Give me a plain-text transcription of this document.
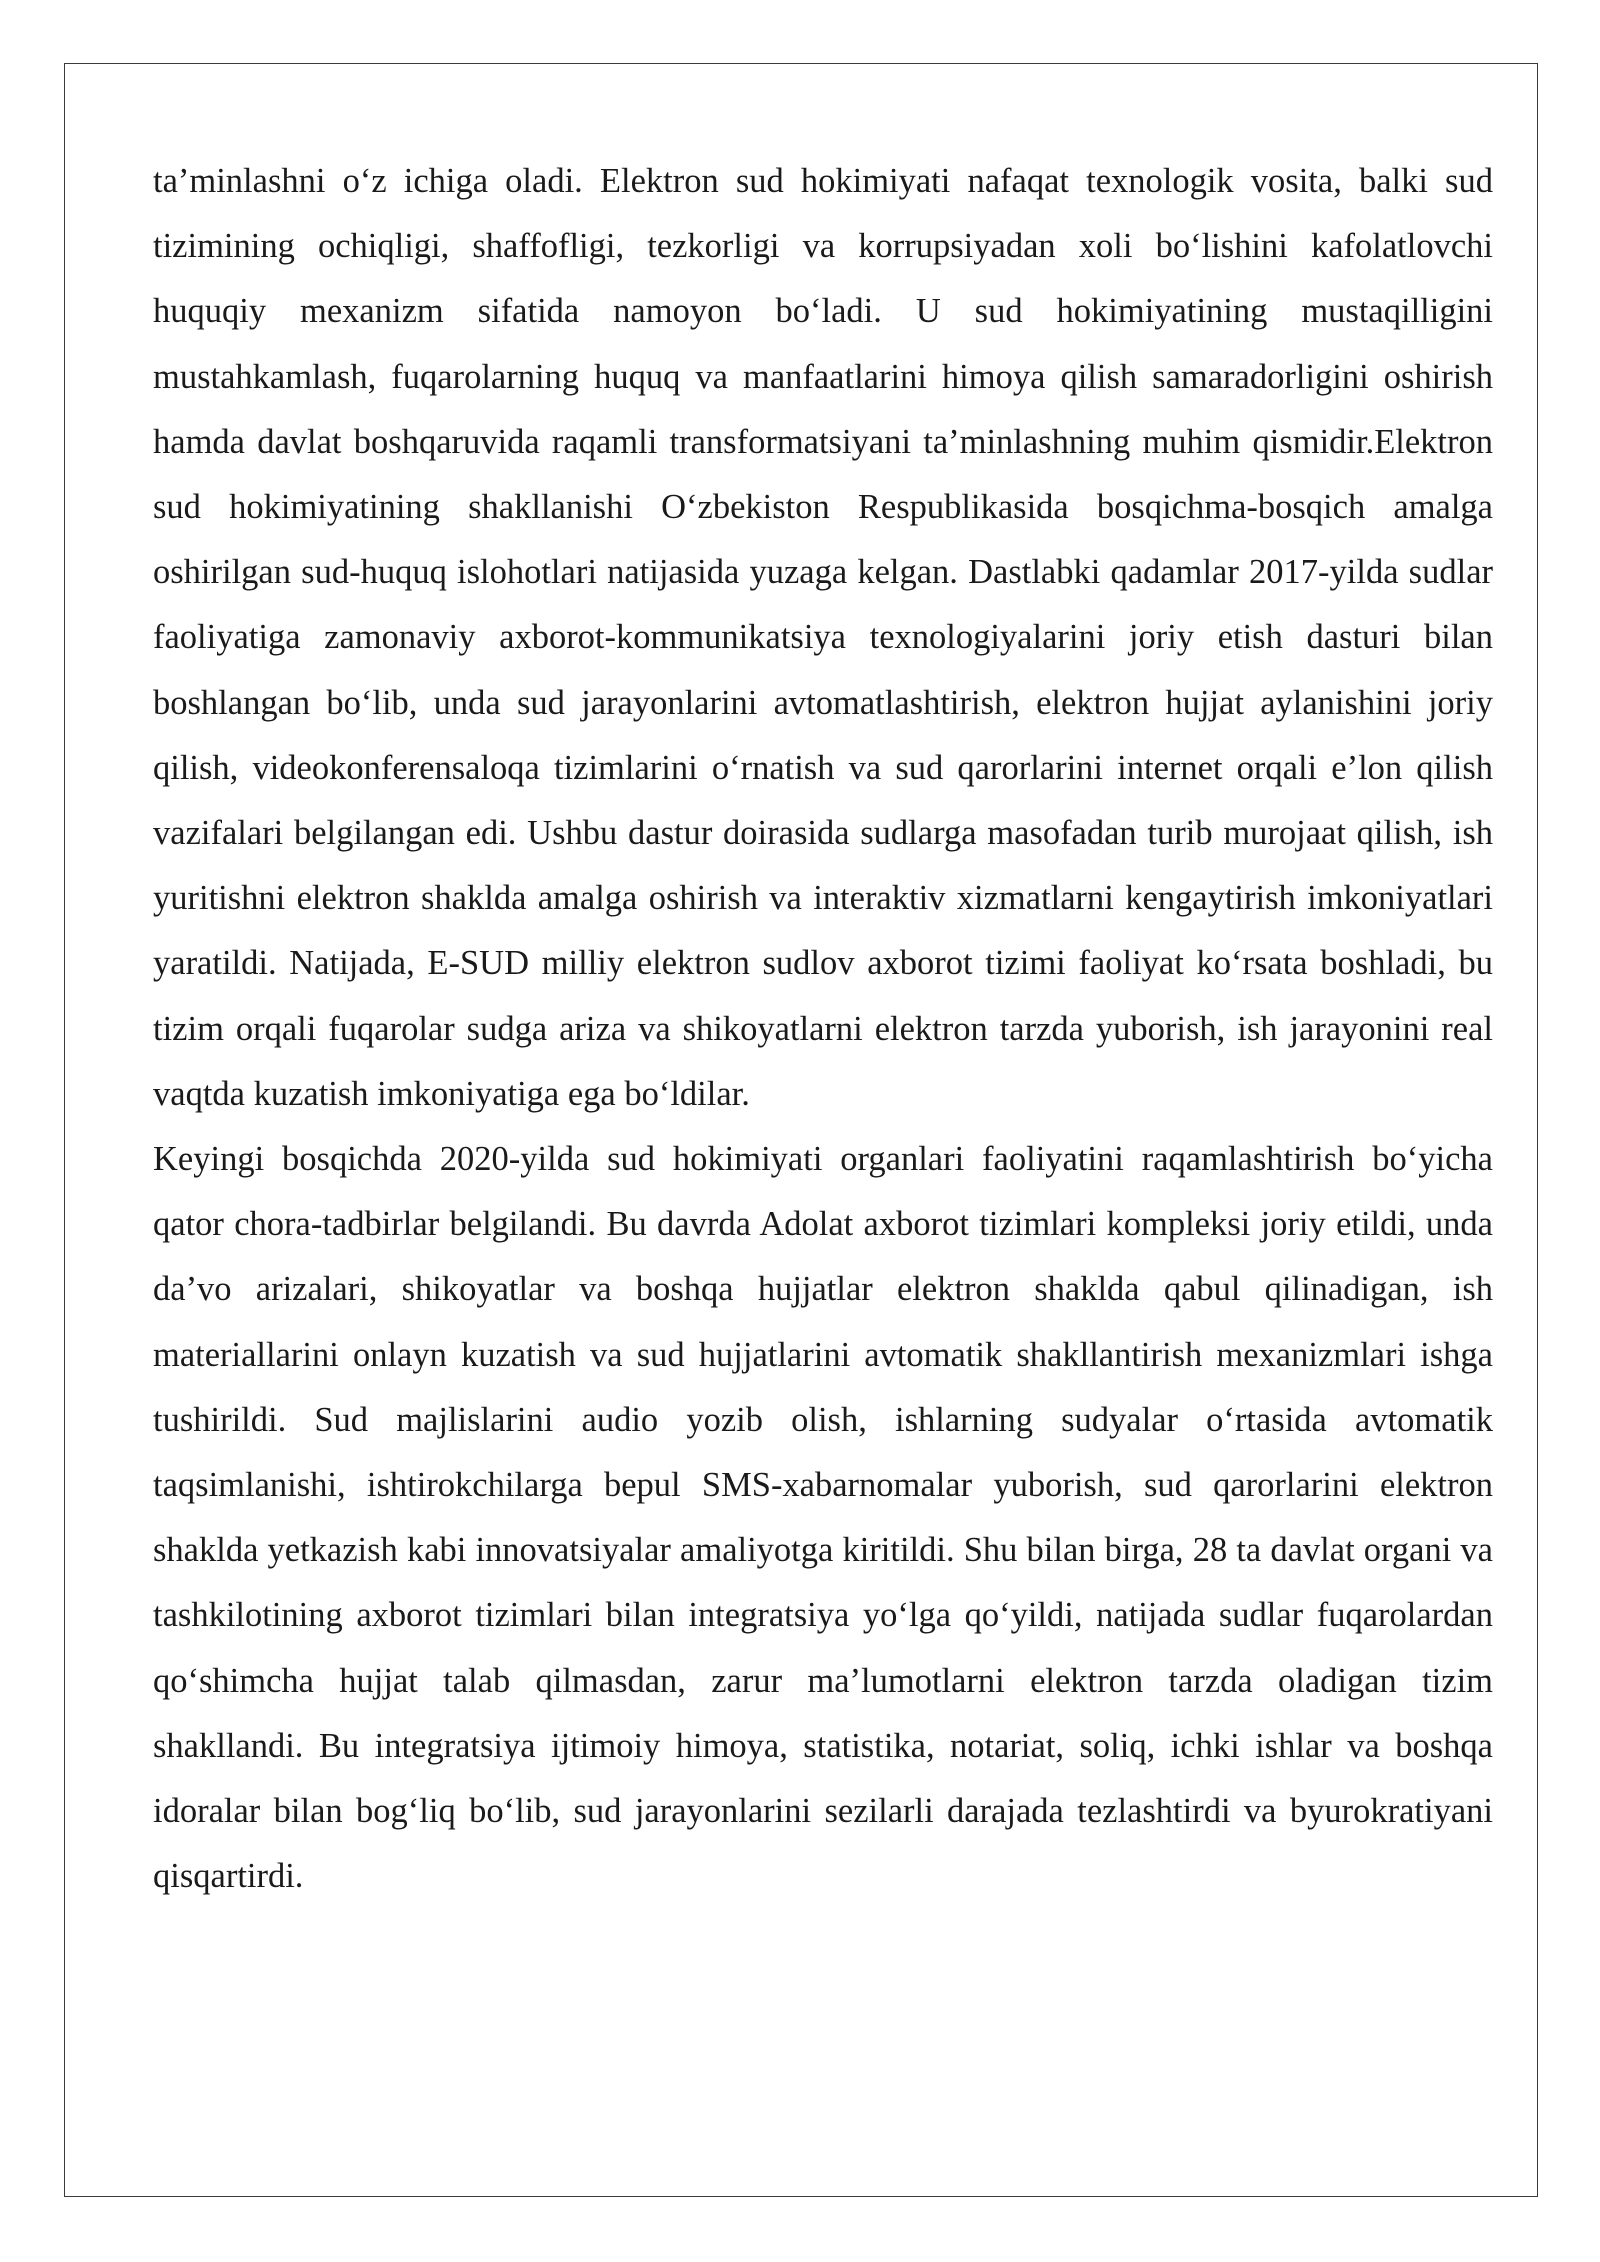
ta’minlashni o‘z ichiga oladi. Elektron sud hokimiyati nafaqat texnologik vosita, balki sud tizimining ochiqligi, shaffofligi, tezkorligi va korrupsiyadan xoli bo‘lishini kafolatlovchi huquqiy mexanizm sifatida namoyon bo‘ladi. U sud hokimiyatining mustaqilligini mustahkamlash, fuqarolarning huquq va manfaatlarini himoya qilish samaradorligini oshirish hamda davlat boshqaruvida raqamli transformatsiyani ta’minlashning muhim qismidir.Elektron sud hokimiyatining shakllanishi O‘zbekiston Respublikasida bosqichma-bosqich amalga oshirilgan sud-huquq islohotlari natijasida yuzaga kelgan. Dastlabki qadamlar 2017-yilda sudlar faoliyatiga zamonaviy axborot-kommunikatsiya texnologiyalarini joriy etish dasturi bilan boshlangan bo‘lib, unda sud jarayonlarini avtomatlashtirish, elektron hujjat aylanishini joriy qilish, videokonferensaloqa tizimlarini o‘rnatish va sud qarorlarini internet orqali e’lon qilish vazifalari belgilangan edi. Ushbu dastur doirasida sudlarga masofadan turib murojaat qilish, ish yuritishni elektron shaklda amalga oshirish va interaktiv xizmatlarni kengaytirish imkoniyatlari yaratildi. Natijada, E-SUD milliy elektron sudlov axborot tizimi faoliyat ko‘rsata boshladi, bu tizim orqali fuqarolar sudga ariza va shikoyatlarni elektron tarzda yuborish, ish jarayonini real vaqtda kuzatish imkoniyatiga ega bo‘ldilar.

Keyingi bosqichda 2020-yilda sud hokimiyati organlari faoliyatini raqamlashtirish bo‘yicha qator chora-tadbirlar belgilandi. Bu davrda Adolat axborot tizimlari kompleksi joriy etildi, unda da’vo arizalari, shikoyatlar va boshqa hujjatlar elektron shaklda qabul qilinadigan, ish materiallarini onlayn kuzatish va sud hujjatlarini avtomatik shakllantirish mexanizmlari ishga tushirildi. Sud majlislarini audio yozib olish, ishlarning sudyalar o‘rtasida avtomatik taqsimlanishi, ishtirokchilarga bepul SMS-xabarnomalar yuborish, sud qarorlarini elektron shaklda yetkazish kabi innovatsiyalar amaliyotga kiritildi. Shu bilan birga, 28 ta davlat organi va tashkilotining axborot tizimlari bilan integratsiya yo‘lga qo‘yildi, natijada sudlar fuqarolardan qo‘shimcha hujjat talab qilmasdan, zarur ma’lumotlarni elektron tarzda oladigan tizim shakllandi. Bu integratsiya ijtimoiy himoya, statistika, notariat, soliq, ichki ishlar va boshqa idoralar bilan bog‘liq bo‘lib, sud jarayonlarini sezilarli darajada tezlashtirdi va byurokratiyani qisqartirdi.
